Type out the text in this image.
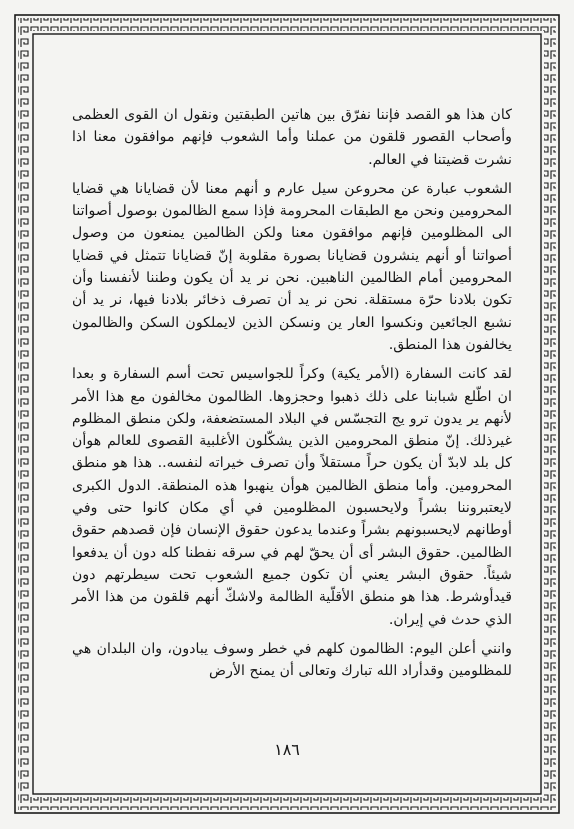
كان هذا هو القصد فإننا نفرّق بين هاتين الطبقتين ونقول ان القوى العظمى وأصحاب القصور قلقون من عملنا وأما الشعوب فإنهم موافقون معنا اذا نشرت قضيتنا في العالم.

الشعوب عبارة عن محروعن سيل عارم و أنهم معنا لأن قضايانا هي قضايا المحرومين ونحن مع الطبقات المحرومة فإذا سمع الظالمون بوصول أصواتنا الى المظلومين فإنهم موافقون معنا ولكن الظالمين يمنعون من وصول أصواتنا أو أنهم ينشرون قضايانا بصورة مقلوبة إنّ قضايانا تتمثل في قضايا المحرومين أمام الظالمين الناهبين. نحن نر يد أن يكون وطننا لأنفسنا وأن تكون بلادنا حرّة مستقلة. نحن نر يد أن تصرف ذخائر بلادنا فيها، نر يد أن نشبع الجائعين ونكسوا العار ين ونسكن الذين لايملكون السكن والظالمون يخالفون هذا المنطق.

لقد كانت السفارة (الأمر يكية) وكراً للجواسيس تحت أسم السفارة و بعدا ان اطّلع شبابنا على ذلك ذهبوا وحجزوها. الظالمون مخالفون مع هذا الأمر لأنهم ير يدون ترو يج التجسّس في البلاد المستضعفة، ولكن منطق المظلوم غيرذلك. إنّ منطق المحرومين الذين يشكّلون الأغلبية القصوى للعالم هوأن كل بلد لابدّ أن يكون حراً مستقلاً وأن تصرف خيراته لنفسه.. هذا هو منطق المحرومين. وأما منطق الظالمين هوأن ينهبوا هذه المنطقة. الدول الكبرى لايعتبروننا بشراً ولايحسبون المظلومين في أي مكان كانوا حتى وفي أوطانهم لايحسبونهم بشراً وعندما يدعون حقوق الإنسان فإن قصدهم حقوق الظالمين. حقوق البشر أى أن يحقّ لهم في سرقه نفطنا كله دون أن يدفعوا شيئاً. حقوق البشر يعني أن تكون جميع الشعوب تحت سيطرتهم دون قيدأوشرط. هذا هو منطق الأقلّية الظالمة ولاشكّ أنهم قلقون من هذا الأمر الذي حدث في إيران.

وانني أعلن اليوم: الظالمون كلهم في خطر وسوف يبادون، وان البلدان هي للمظلومين وقدأراد الله تبارك وتعالى أن يمنح الأرض

١٨٦
